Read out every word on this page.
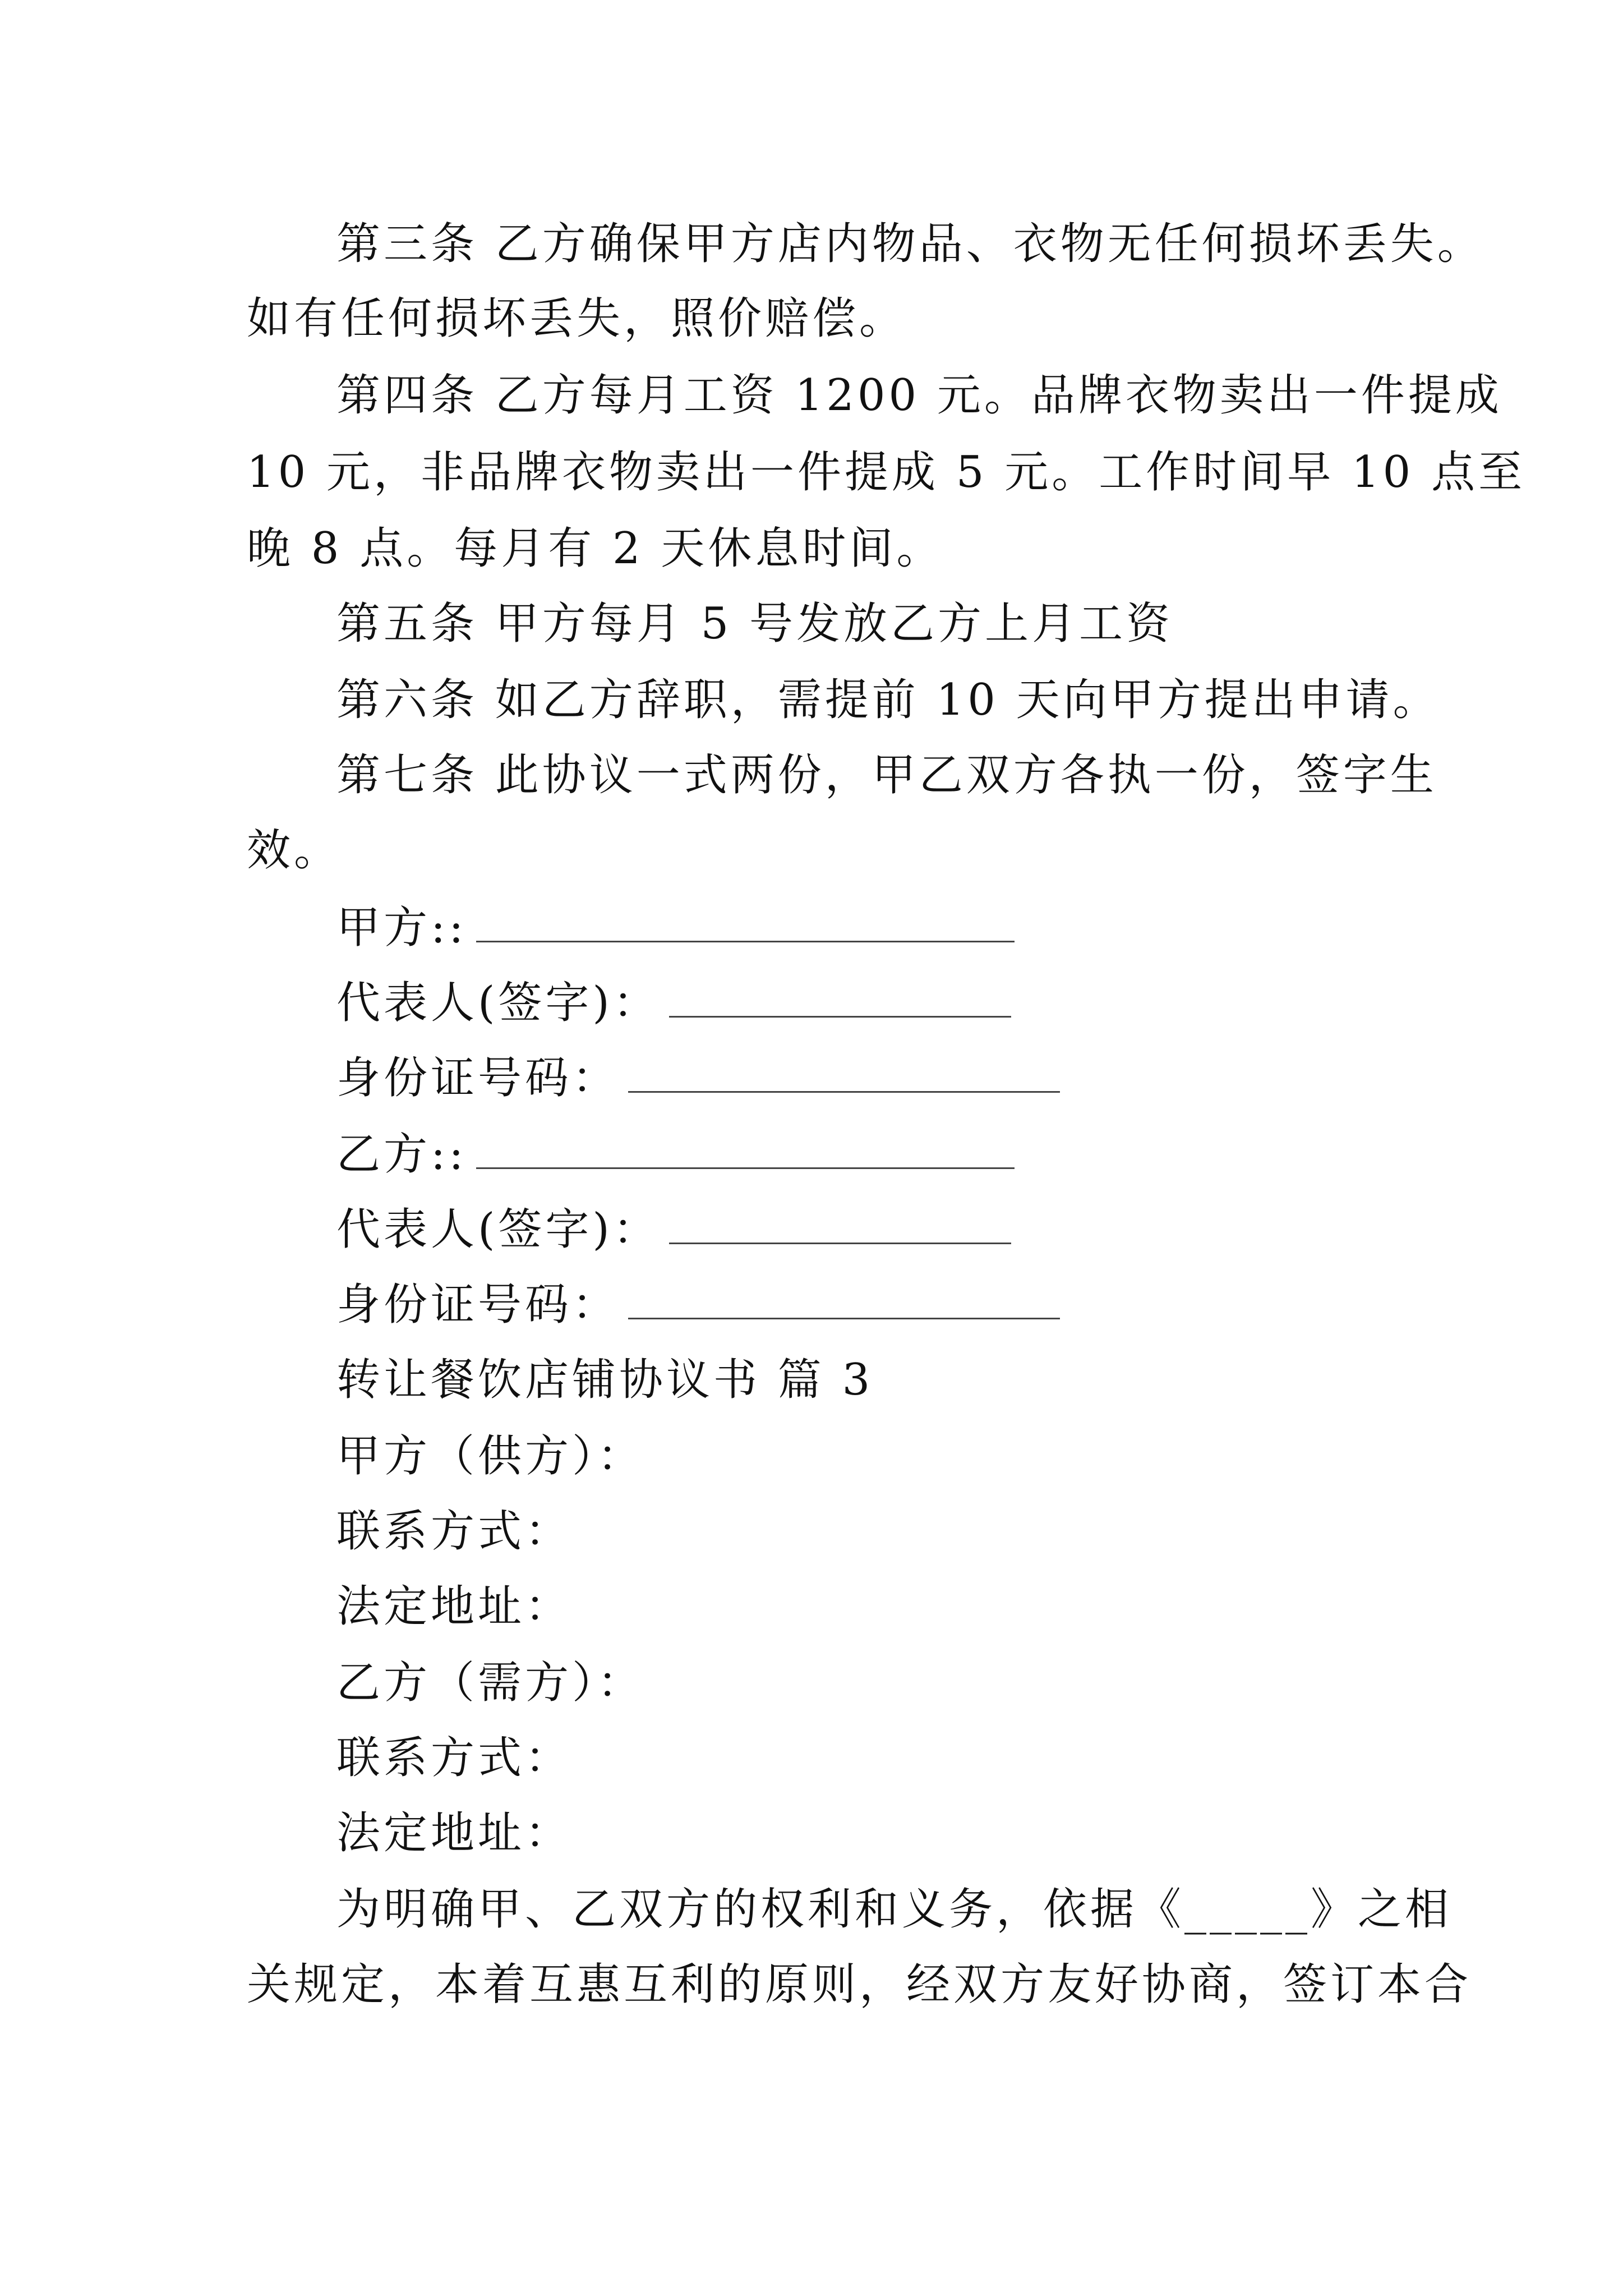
第三条 乙方确保甲方店内物品、衣物无任何损坏丢失。
如有任何损坏丢失，照价赔偿。
第四条 乙方每月工资 1200 元。品牌衣物卖出一件提成
10 元，非品牌衣物卖出一件提成 5 元。工作时间早 10 点至
晚 8 点。每月有 2 天休息时间。
第五条 甲方每月 5 号发放乙方上月工资
第六条 如乙方辞职，需提前 10 天向甲方提出申请。
第七条 此协议一式两份，甲乙双方各执一份，签字生
效。
甲方::
代表人(签字)：
身份证号码：
乙方::
代表人(签字)：
身份证号码：
转让餐饮店铺协议书 篇 3
甲方（供方）：
联系方式：
法定地址：
乙方（需方）：
联系方式：
法定地址：
为明确甲、乙双方的权利和义务，依据《_____》之相
关规定，本着互惠互利的原则，经双方友好协商，签订本合
